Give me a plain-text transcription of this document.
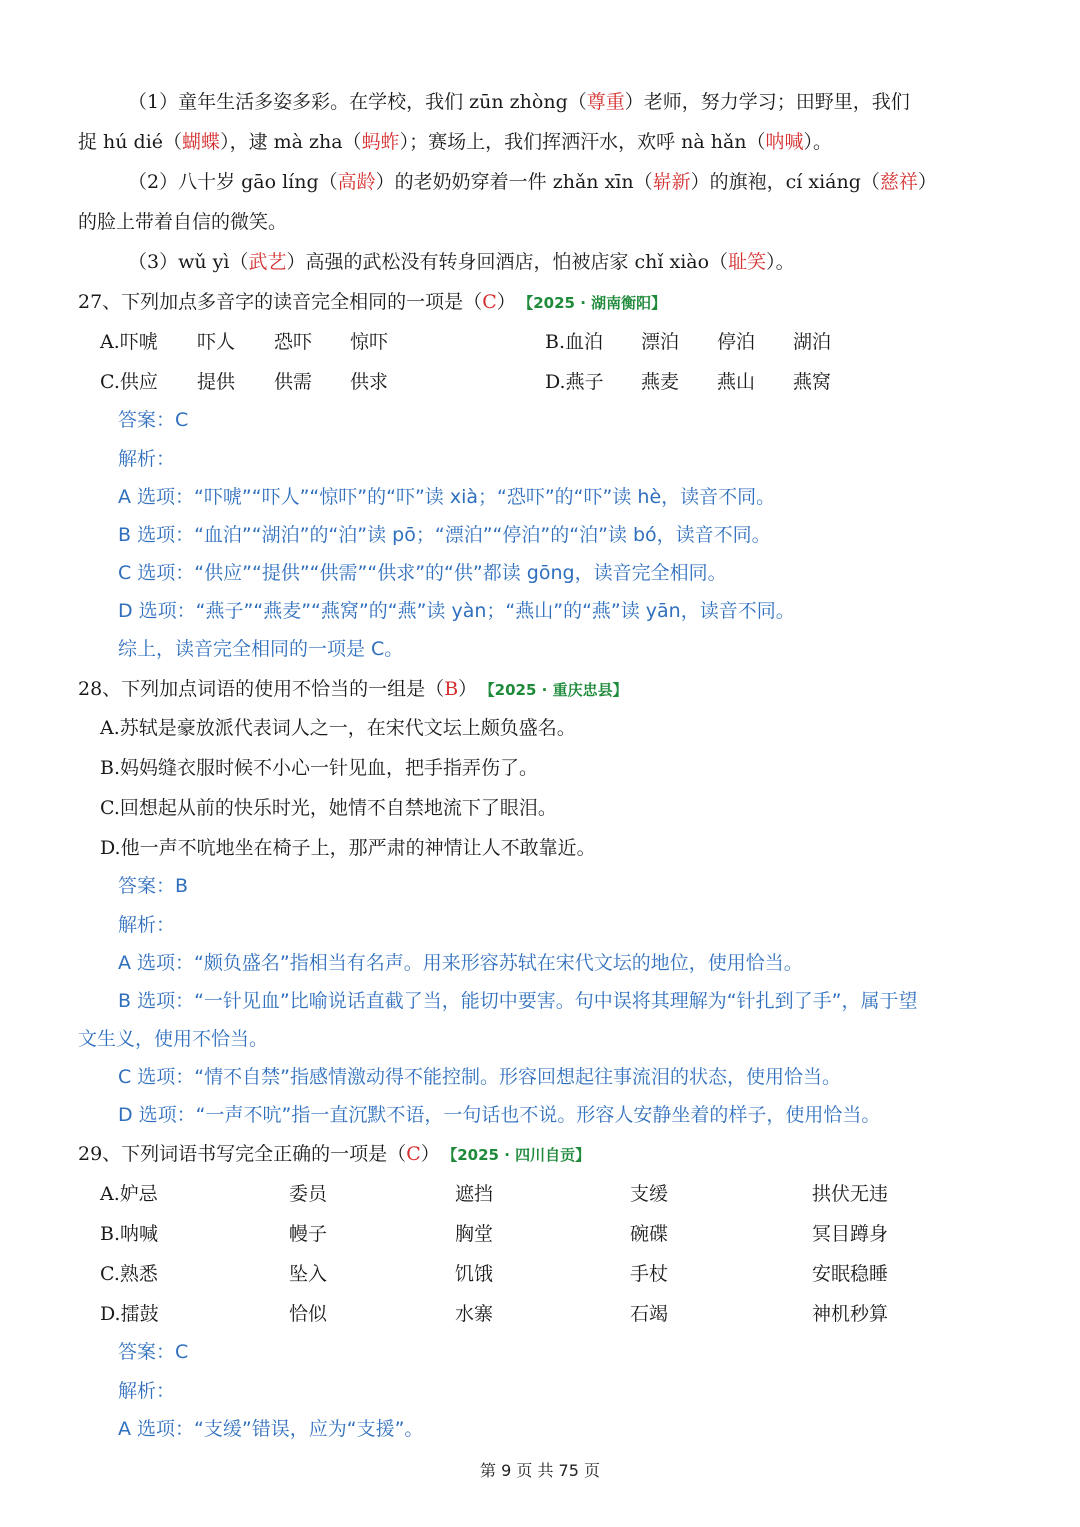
（1）童年生活多姿多彩。在学校，我们 zūn zhòng（尊重）老师，努力学习；田野里，我们
捉 hú dié（蝴蝶），逮 mà zha（蚂蚱）；赛场上，我们挥洒汗水，欢呼 nà hǎn（呐喊）。
（2）八十岁 gāo líng（高龄）的老奶奶穿着一件 zhǎn xīn（崭新）的旗袍，cí xiáng（慈祥）
的脸上带着自信的微笑。
（3）wǔ yì（武艺）高强的武松没有转身回酒店，怕被店家 chǐ xiào（耻笑）。
27、下列加点多音字的读音完全相同的一项是（C） 【2025 · 湖南衡阳】
A.吓唬 吓人 恐吓 惊吓	B.血泊 漂泊 停泊 湖泊
C.供应 提供 供需 供求	D.燕子 燕麦 燕山 燕窝
答案：C
解析：
A 选项：“吓唬”“吓人”“惊吓”的“吓”读 xià；“恐吓”的“吓”读 hè，读音不同。
B 选项：“血泊”“湖泊”的“泊”读 pō；“漂泊”“停泊”的“泊”读 bó，读音不同。
C 选项：“供应”“提供”“供需”“供求”的“供”都读 gōng，读音完全相同。
D 选项：“燕子”“燕麦”“燕窝”的“燕”读 yàn；“燕山”的“燕”读 yān，读音不同。
综上，读音完全相同的一项是 C。
28、下列加点词语的使用不恰当的一组是（B） 【2025 · 重庆忠县】
A.苏轼是豪放派代表词人之一，在宋代文坛上颇负盛名。
B.妈妈缝衣服时候不小心一针见血，把手指弄伤了。
C.回想起从前的快乐时光，她情不自禁地流下了眼泪。
D.他一声不吭地坐在椅子上，那严肃的神情让人不敢靠近。
答案：B
解析：
A 选项：“颇负盛名”指相当有名声。用来形容苏轼在宋代文坛的地位，使用恰当。
B 选项：“一针见血”比喻说话直截了当，能切中要害。句中误将其理解为“针扎到了手”，属于望
文生义，使用不恰当。
C 选项：“情不自禁”指感情激动得不能控制。形容回想起往事流泪的状态，使用恰当。
D 选项：“一声不吭”指一直沉默不语，一句话也不说。形容人安静坐着的样子，使用恰当。
29、下列词语书写完全正确的一项是（C） 【2025 · 四川自贡】
A.妒忌	委员	遮挡	支缓	拱伏无违
B.呐喊	幔子	胸堂	碗碟	冥目蹲身
C.熟悉	坠入	饥饿	手杖	安眠稳睡
D.擂鼓	恰似	水寨	石竭	神机秒算
答案：C
解析：
A 选项：“支缓”错误，应为“支援”。
第 9 页 共 75 页
